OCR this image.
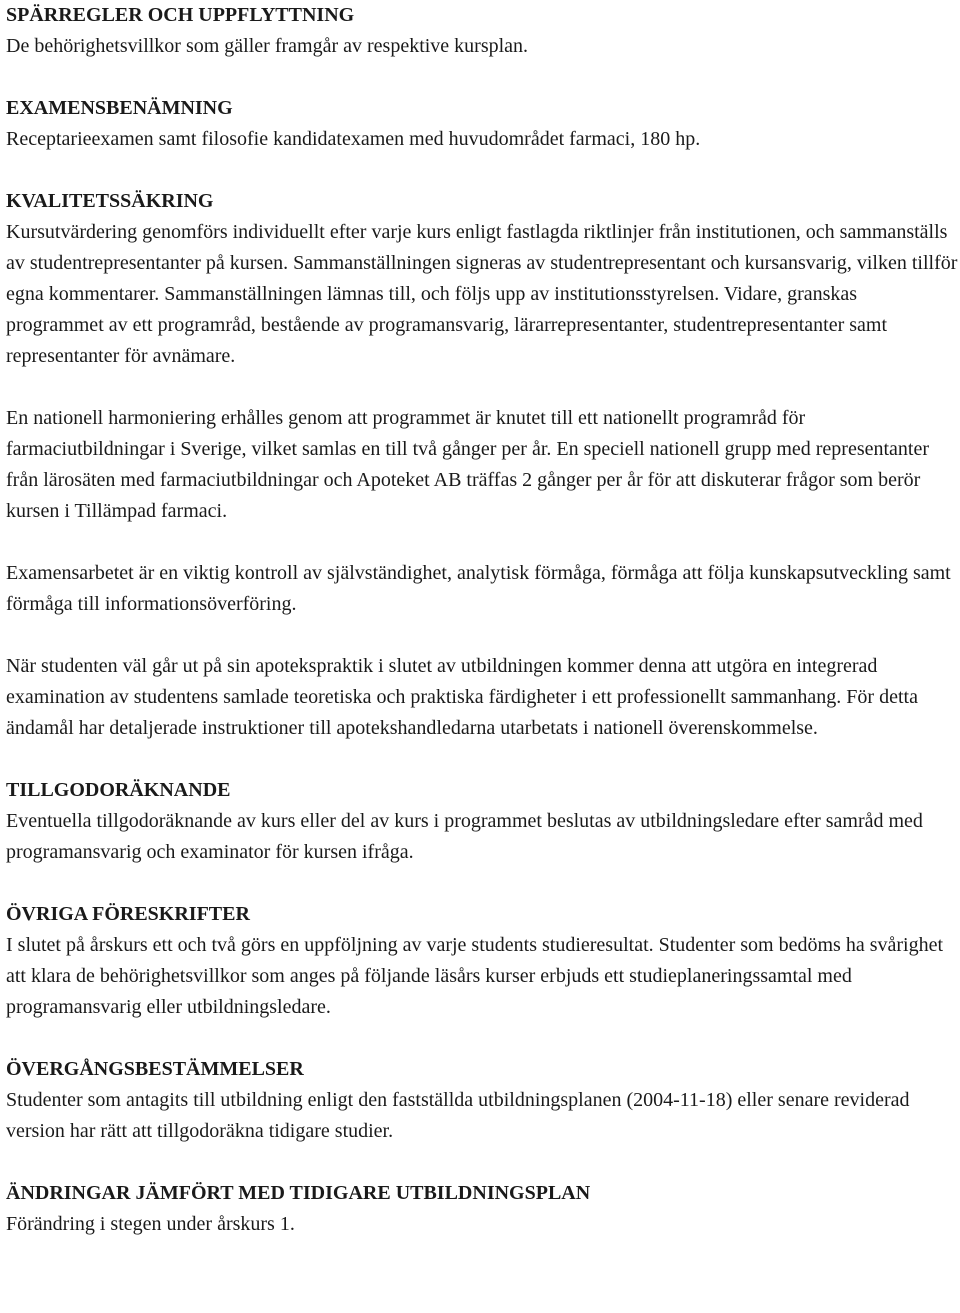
SPÄRREGLER OCH UPPFLYTTNING
De behörighetsvillkor som gäller framgår av respektive kursplan.
EXAMENSBENÄMNING
Receptarieexamen samt filosofie kandidatexamen med huvudområdet farmaci, 180 hp.
KVALITETSSÄKRING
Kursutvärdering genomförs individuellt efter varje kurs enligt fastlagda riktlinjer från institutionen, och sammanställs av studentrepresentanter på kursen. Sammanställningen signeras av studentrepresentant och kursansvarig, vilken tillför egna kommentarer. Sammanställningen lämnas till, och följs upp av institutionsstyrelsen. Vidare, granskas programmet av ett programråd, bestående av programansvarig, lärarrepresentanter, studentrepresentanter samt representanter för avnämare.
En nationell harmoniering erhålles genom att programmet är knutet till ett nationellt programråd för farmaciutbildningar i Sverige, vilket samlas en till två gånger per år. En speciell nationell grupp med representanter från lärosäten med farmaciutbildningar och Apoteket AB träffas 2 gånger per år för att diskuterar frågor som berör kursen i Tillämpad farmaci.
Examensarbetet är en viktig kontroll av självständighet, analytisk förmåga, förmåga att följa kunskapsutveckling samt förmåga till informationsöverföring.
När studenten väl går ut på sin apotekspraktik i slutet av utbildningen kommer denna att utgöra en integrerad examination av studentens samlade teoretiska och praktiska färdigheter i ett professionellt sammanhang. För detta ändamål har detaljerade instruktioner till apotekshandledarna utarbetats i nationell överenskommelse.
TILLGODORÄKNANDE
Eventuella tillgodoräknande av kurs eller del av kurs i programmet beslutas av utbildningsledare efter samråd med programansvarig och examinator för kursen ifråga.
ÖVRIGA FÖRESKRIFTER
I slutet på årskurs ett och två görs en uppföljning av varje students studieresultat. Studenter som bedöms ha svårighet att klara de behörighetsvillkor som anges på följande läsårs kurser erbjuds ett studieplaneringssamtal med programansvarig eller utbildningsledare.
ÖVERGÅNGSBESTÄMMELSER
Studenter som antagits till utbildning enligt den fastställda utbildningsplanen (2004-11-18) eller senare reviderad version har rätt att tillgodoräkna tidigare studier.
ÄNDRINGAR JÄMFÖRT MED TIDIGARE UTBILDNINGSPLAN
Förändring i stegen under årskurs 1.
